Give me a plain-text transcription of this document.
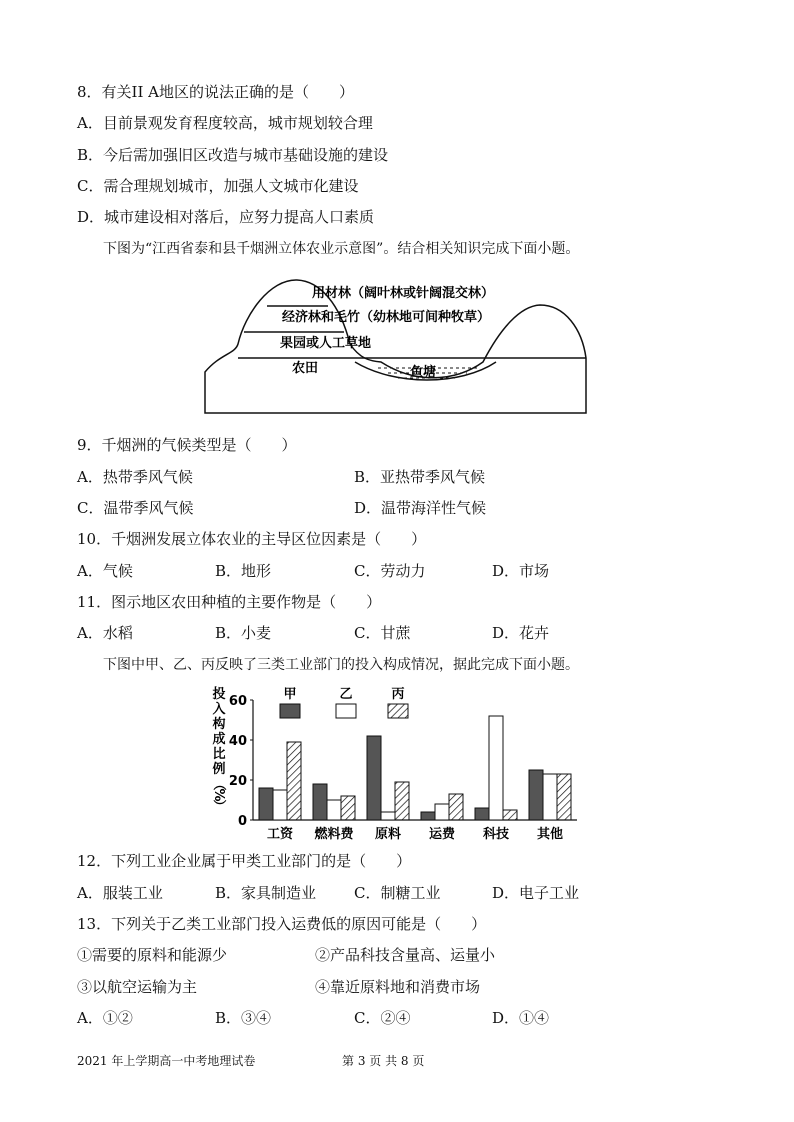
8．有关II A地区的说法正确的是（　　）
A．目前景观发育程度较高，城市规划较合理
B．今后需加强旧区改造与城市基础设施的建设
C．需合理规划城市，加强人文城市化建设
D．城市建设相对落后，应努力提高人口素质
下图为“江西省泰和县千烟洲立体农业示意图”。结合相关知识完成下面小题。
用材林（阔叶林或针阔混交林）
经济林和毛竹（幼林地可间种牧草）
果园或人工草地
农田	鱼塘
9．千烟洲的气候类型是（　　）
A．热带季风气候	B．亚热带季风气候
C．温带季风气候	D．温带海洋性气候
10．千烟洲发展立体农业的主导区位因素是（　　）
A．气候	B．地形	C．劳动力	D．市场
11．图示地区农田种植的主要作物是（　　）
A．水稻	B．小麦	C．甘蔗	D．花卉
下图中甲、乙、丙反映了三类工业部门的投入构成情况，据此完成下面小题。
投
入
构
成
比
例
（
%
）
0
20
40
60
工资 燃料费 原料 运费 科技 其他
甲	乙	丙
12．下列工业企业属于甲类工业部门的是（　　）
A．服装工业	B．家具制造业	C．制糖工业	D．电子工业
13．下列关于乙类工业部门投入运费低的原因可能是（　　）
①需要的原料和能源少	②产品科技含量高、运量小
③以航空运输为主	④靠近原料地和消费市场
A．①②	B．③④	C．②④	D．①④
2021 年上学期高一中考地理试卷	第 3 页 共 8 页
